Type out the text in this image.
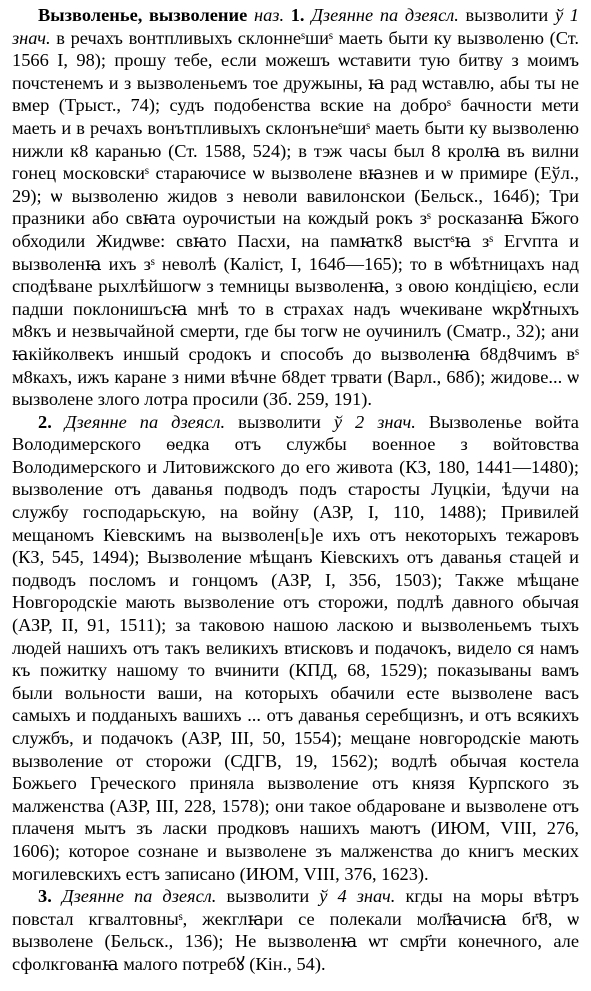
Вызволенье, вызволение наз. 1. Дзеянне па дзеясл. вызволити ў 1 знач. в речахъ вонтпливыхъ склоннеˢшиˢ маеть быти ку вызволеню (Ст. 1566 I, 98); прошу тебе, если можешъ ѡставити тую битву з моимъ почстенемъ и з вызволеньемъ тое дружыны, ꙗ рад ѡставлю, абы ты не вмер (Трыст., 74); судъ подобенства вскиe на доброˢ бачности мети маеть и в речахъ вонътпливыхъ склонънеˢшиˢ маеть быти ку вызволеню нижли к8 каранью (Ст. 1588, 524); в тэж часы был 8 кролꙗ въ вилни гонец московскиˢ стараючисе ѡ вызволене вꙗзнев и ѡ примире (Еўл., 29); ѡ вызволеню жидов з неволи вавилонскои (Бельск., 164б); Три празники або свꙗта оурочистыи на кождый рокъ зˢ росказанꙗ Б҃жого обходили Жидѡве: свꙗто Пасхи, на памꙗтк8 выстˢꙗ зˢ Егvпта и вызволенꙗ ихъ зˢ неволѣ (Каліст, I, 164б—165); то в ѡбѣтницахъ над сподѣване рыхлѣйшогѡ з темницы вызволенꙗ, з овою кондіцією, если падши поклонишъсꙗ мнѣ то в страхах надъ ѡчекиване ѡкрꙋтныхъ м8къ и незвычайной смерти, где бы тогѡ не оучинилъ (Сматр., 32); ани ꙗкійколвекъ иншый сродокъ и способъ до вызволенꙗ б8д8чимъ вˢ м8кахъ, ижъ каране з ними вѣчне б8дет трвати (Варл., 68б); жидове... ѡ вызволене злого лотра просили (Зб. 259, 191).

2. Дзеянне па дзеясл. вызволити ў 2 знач. Вызволенье войта Володимерского ѳедка отъ службы военное з войтовства Володимерского и Литовижского до его живота (КЗ, 180, 1441—1480); вызволение отъ даванья подводъ подъ старосты Луцкіи, ѣдучи на службу господарьскую, на войну (АЗР, I, 110, 1488); Привилей мещаномъ Кіевскимъ на вызволен[ь]е ихъ отъ некоторыхъ тежаровъ (КЗ, 545, 1494); Вызволение мѣщанъ Кіевскихъ отъ даванья стацей и подводъ посломъ и гонцомъ (АЗР, I, 356, 1503); Также мѣщане Новгородскіе мають вызволение отъ сторожи, подлѣ давного обычая (АЗР, II, 91, 1511); за таковою нашою ласкою и вызволеньемъ тыхъ людей нашихъ отъ такъ великихъ втисковъ и подачокъ, видело ся намъ къ пожитку нашому то вчинити (КПД, 68, 1529); показываны вамъ были вольности ваши, на которыхъ обачили есте вызволене васъ самыхъ и подданыхъ вашихъ ... отъ даванья серебщизнъ, и отъ всякихъ службъ, и подачокъ (АЗР, III, 50, 1554); мещане новгородскіе мають вызволение от сторожи (СДГВ, 19, 1562); водлѣ обычая костела Божьего Греческого приняла вызволение отъ князя Курпского зъ малженства (АЗР, III, 228, 1578); они такое обдароване и вызволене отъ плаченя мытъ зъ ласки продковъ нашихъ маютъ (ИЮМ, VIII, 276, 1606); которое сознане и вызволене зъ малженства до книгъ меских могилевскихъ естъ записано (ИЮМ, VIII, 376, 1623).

3. Дзеянне па дзеясл. вызволити ў 4 знач. кгды на моры вѣтръ повстал кгвалтовныˢ, жекглꙗри се полекали мол҃ꙗчисꙗ бг҃8, ѡ вызволене (Бельск., 136); Не вызволенꙗ ѡт смр҃ти конечного, але сфолкгованꙗ малого потребꙋ (Кін., 54).
